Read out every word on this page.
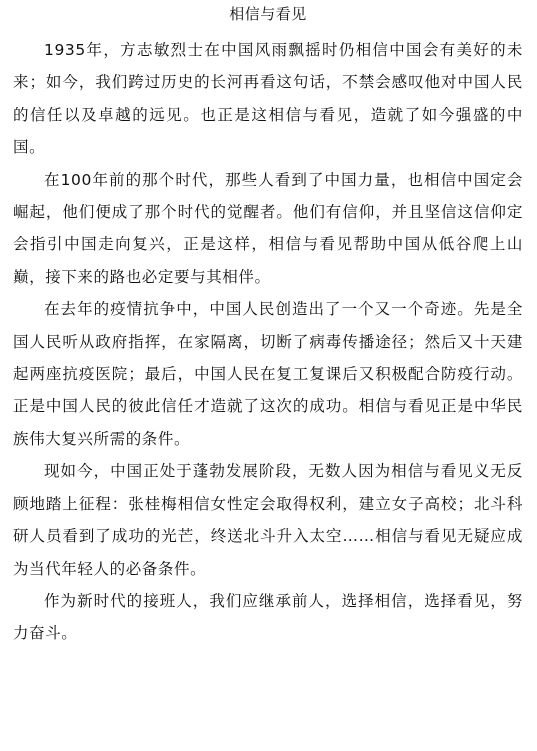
相信与看见

1935年，方志敏烈士在中国风雨飘摇时仍相信中国会有美好的未来；如今，我们跨过历史的长河再看这句话，不禁会感叹他对中国人民的信任以及卓越的远见。也正是这相信与看见，造就了如今强盛的中国。

在100年前的那个时代，那些人看到了中国力量，也相信中国定会崛起，他们便成了那个时代的觉醒者。他们有信仰，并且坚信这信仰定会指引中国走向复兴，正是这样，相信与看见帮助中国从低谷爬上山巅，接下来的路也必定要与其相伴。

在去年的疫情抗争中，中国人民创造出了一个又一个奇迹。先是全国人民听从政府指挥，在家隔离，切断了病毒传播途径；然后又十天建起两座抗疫医院；最后，中国人民在复工复课后又积极配合防疫行动。正是中国人民的彼此信任才造就了这次的成功。相信与看见正是中华民族伟大复兴所需的条件。

现如今，中国正处于蓬勃发展阶段，无数人因为相信与看见义无反顾地踏上征程：张桂梅相信女性定会取得权利，建立女子高校；北斗科研人员看到了成功的光芒，终送北斗升入太空……相信与看见无疑应成为当代年轻人的必备条件。

作为新时代的接班人，我们应继承前人，选择相信，选择看见，努力奋斗。
